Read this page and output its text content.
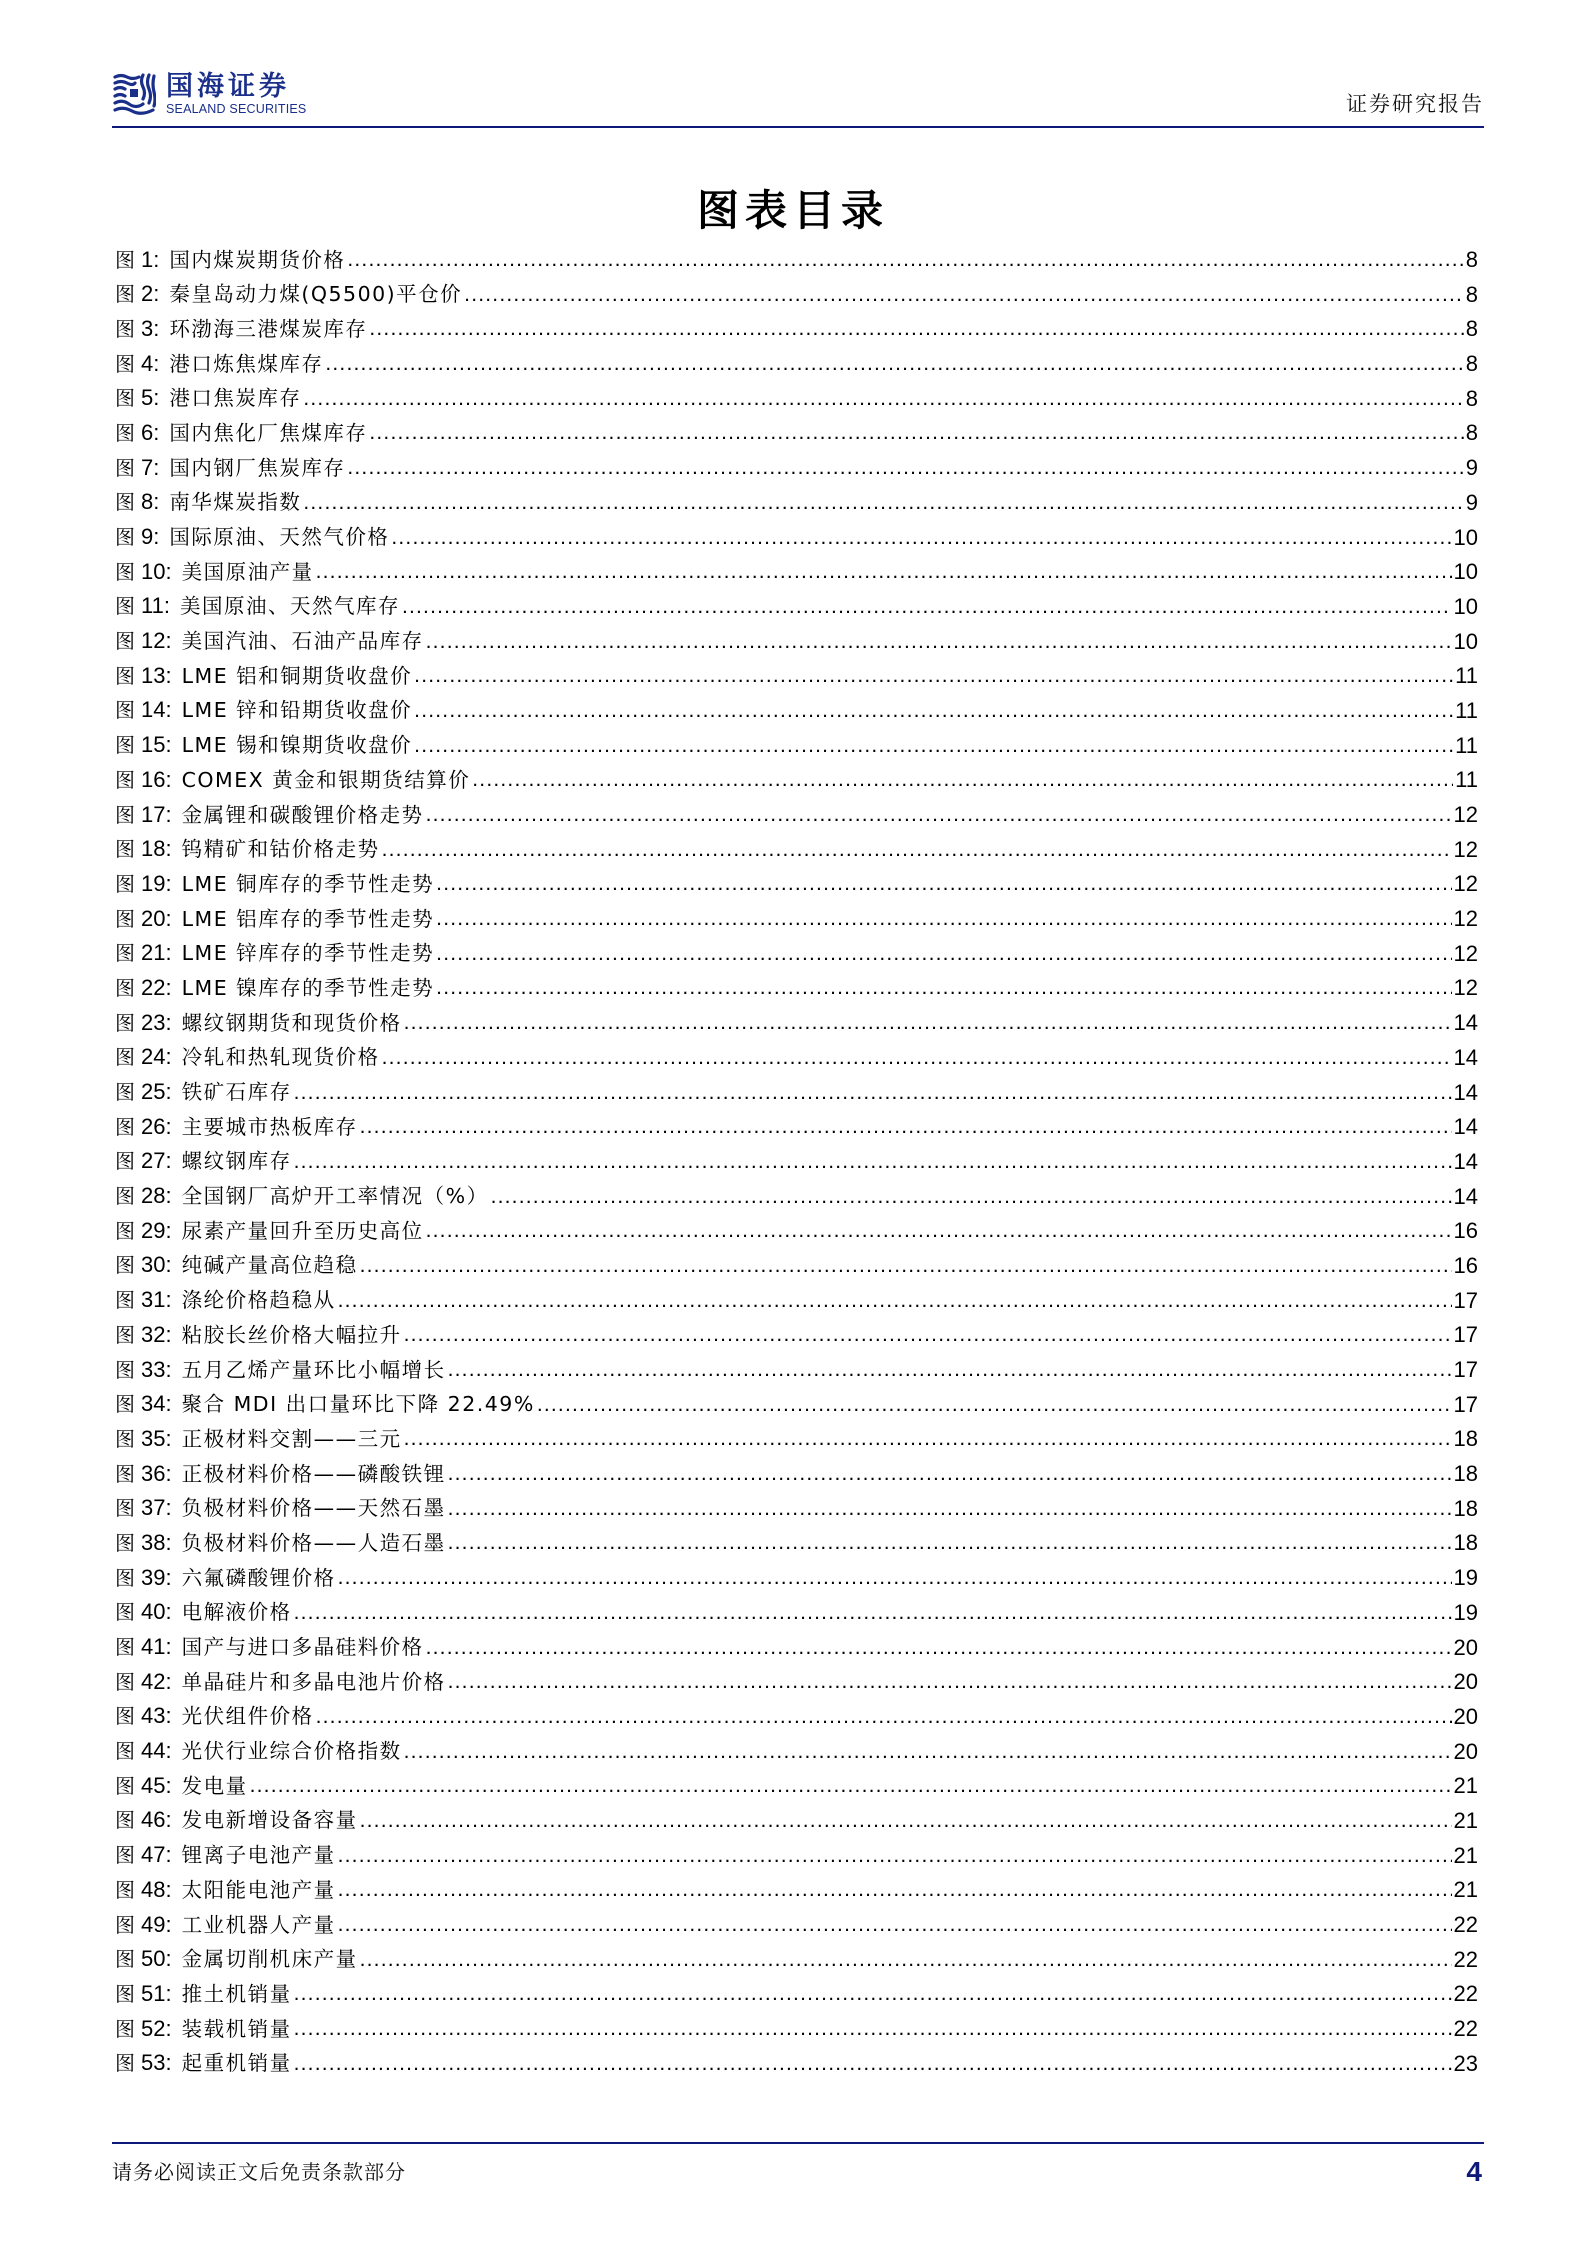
国海证券
SEALAND SECURITIES	证券研究报告
图表目录
图 1: 国内煤炭期货价格 .....	8
图 2: 秦皇岛动力煤(Q5500)平仓价 .....	8
图 3: 环渤海三港煤炭库存 .....	8
图 4: 港口炼焦煤库存 .....	8
图 5: 港口焦炭库存 .....	8
图 6: 国内焦化厂焦煤库存 .....	8
图 7: 国内钢厂焦炭库存 .....	9
图 8: 南华煤炭指数 .....	9
图 9: 国际原油、天然气价格 .....	10
图 10: 美国原油产量 .....	10
图 11: 美国原油、天然气库存 .....	10
图 12: 美国汽油、石油产品库存 .....	10
图 13: LME 铝和铜期货收盘价 .....	11
图 14: LME 锌和铅期货收盘价 .....	11
图 15: LME 锡和镍期货收盘价 .....	11
图 16: COMEX 黄金和银期货结算价 .....	11
图 17: 金属锂和碳酸锂价格走势 .....	12
图 18: 钨精矿和钴价格走势 .....	12
图 19: LME 铜库存的季节性走势 .....	12
图 20: LME 铝库存的季节性走势 .....	12
图 21: LME 锌库存的季节性走势 .....	12
图 22: LME 镍库存的季节性走势 .....	12
图 23: 螺纹钢期货和现货价格 .....	14
图 24: 冷轧和热轧现货价格 .....	14
图 25: 铁矿石库存 .....	14
图 26: 主要城市热板库存 .....	14
图 27: 螺纹钢库存 .....	14
图 28: 全国钢厂高炉开工率情况（%） .....	14
图 29: 尿素产量回升至历史高位 .....	16
图 30: 纯碱产量高位趋稳 .....	16
图 31: 涤纶价格趋稳从 .....	17
图 32: 粘胶长丝价格大幅拉升 .....	17
图 33: 五月乙烯产量环比小幅增长 .....	17
图 34: 聚合 MDI 出口量环比下降 22.49% .....	17
图 35: 正极材料交割——三元 .....	18
图 36: 正极材料价格——磷酸铁锂 .....	18
图 37: 负极材料价格——天然石墨 .....	18
图 38: 负极材料价格——人造石墨 .....	18
图 39: 六氟磷酸锂价格 .....	19
图 40: 电解液价格 .....	19
图 41: 国产与进口多晶硅料价格 .....	20
图 42: 单晶硅片和多晶电池片价格 .....	20
图 43: 光伏组件价格 .....	20
图 44: 光伏行业综合价格指数 .....	20
图 45: 发电量 .....	21
图 46: 发电新增设备容量 .....	21
图 47: 锂离子电池产量 .....	21
图 48: 太阳能电池产量 .....	21
图 49: 工业机器人产量 .....	22
图 50: 金属切削机床产量 .....	22
图 51: 推土机销量 .....	22
图 52: 装载机销量 .....	22
图 53: 起重机销量 .....	23
请务必阅读正文后免责条款部分	4
